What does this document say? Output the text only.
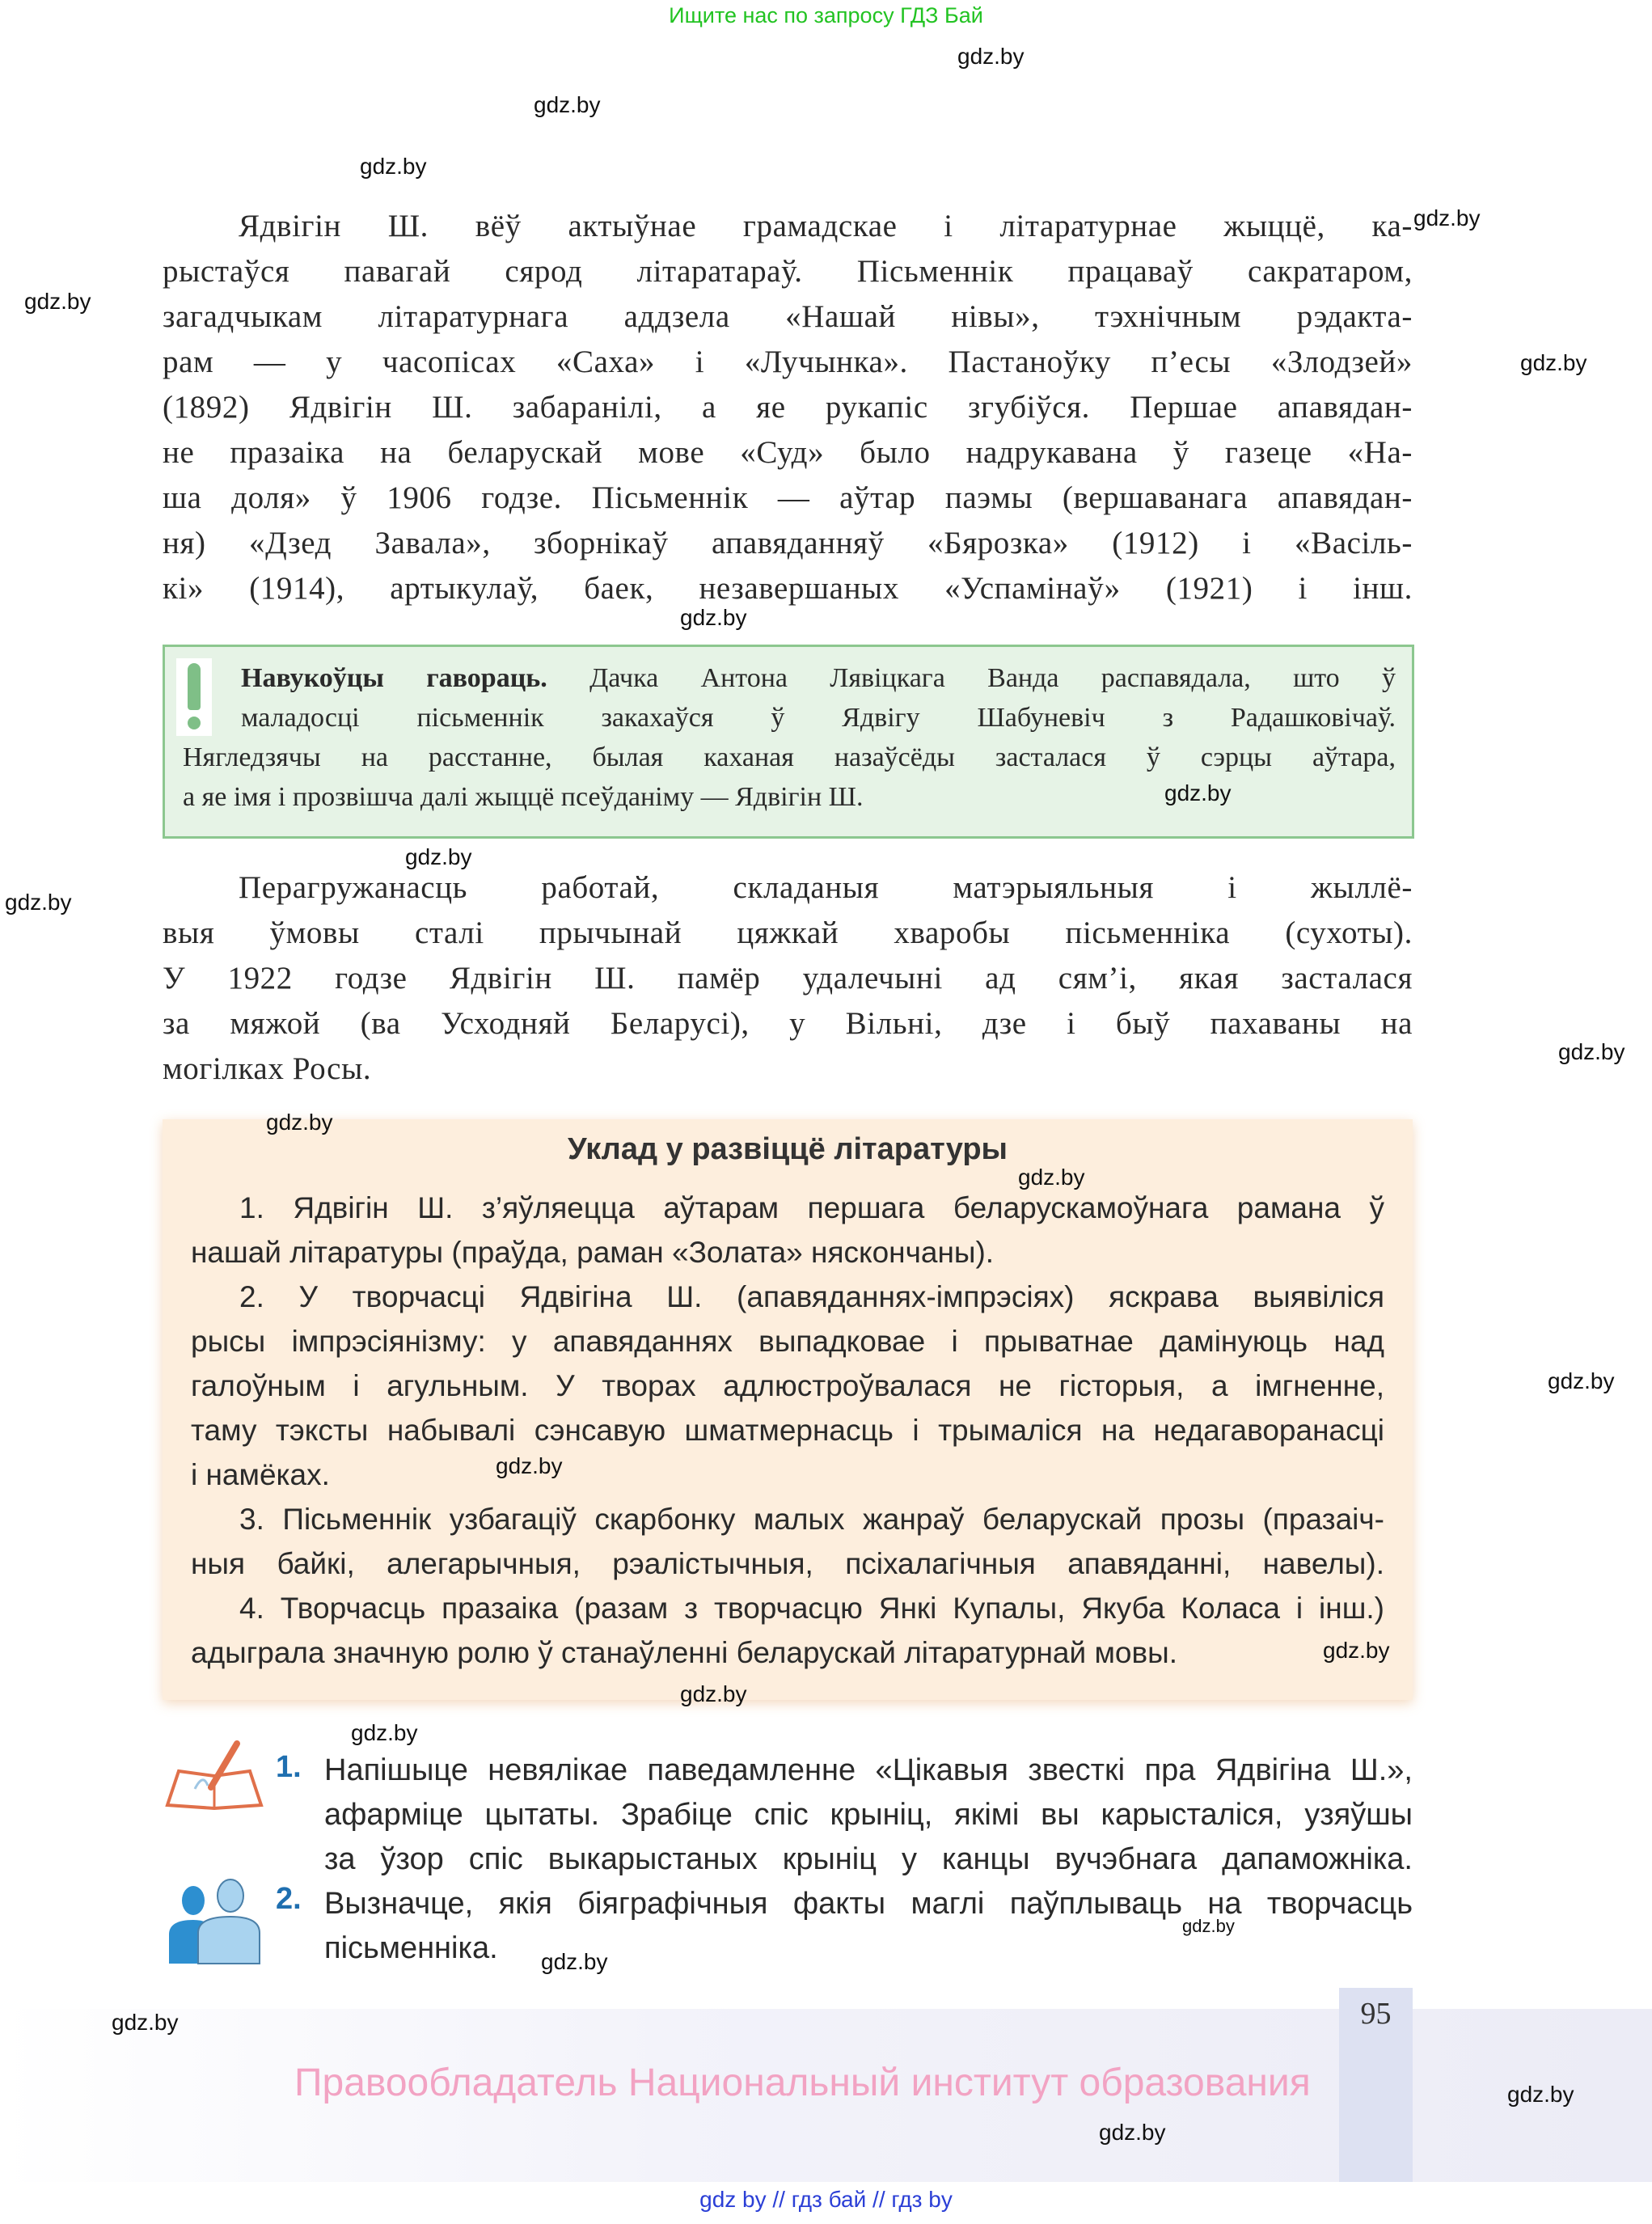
Ищите нас по запросу ГДЗ Бай
Ядвігін Ш. вёў актыўнае грамадскае і літаратурнае жыццё, ка-
рыстаўся павагай сярод літаратараў. Пісьменнік працаваў сакратаром,
загадчыкам літаратурнага аддзела «Нашай нівы», тэхнічным рэдакта-
рам — у часопісах «Саха» і «Лучынка». Пастаноўку п’есы «Злодзей»
(1892) Ядвігін Ш. забаранілі, а яе рукапіс згубіўся. Першае апавядан-
не празаіка на беларускай мове «Суд» было надрукавана ў газеце «На-
ша доля» ў 1906 годзе. Пісьменнік — аўтар паэмы (вершаванага апавядан-
ня) «Дзед Завала», зборнікаў апавяданняў «Бярозка» (1912) і «Васіль-
кі» (1914), артыкулаў, баек, незавершаных «Успамінаў» (1921) і інш.
Навукоўцы гавораць. Дачка Антона Лявіцкага Ванда распавядала, што ў
маладосці пісьменнік закахаўся ў Ядвігу Шабуневіч з Радашковічаў.
Нягледзячы на расстанне, былая каханая назаўсёды засталася ў сэрцы аўтара,
а яе імя і прозвішча далі жыццё псеўданіму — Ядвігін Ш.
Перагружанасць работай, складаныя матэрыяльныя і жыллё-
выя ўмовы сталі прычынай цяжкай хваробы пісьменніка (сухоты).
У 1922 годзе Ядвігін Ш. памёр удалечыні ад сям’і, якая засталася
за мяжой (ва Усходняй Беларусі), у Вільні, дзе і быў пахаваны на
могілках Росы.
Уклад у развіццё літаратуры
1. Ядвігін Ш. з’яўляецца аўтарам першага беларускамоўнага рамана ў
нашай літаратуры (праўда, раман «Золата» няскончаны).
2. У творчасці Ядвігіна Ш. (апавяданнях-імпрэсіях) яскрава выявіліся
рысы імпрэсіянізму: у апавяданнях выпадковае і прыватнае дамінуюць над
галоўным і агульным. У творах адлюстроўвалася не гісторыя, а імгненне,
таму тэксты набывалі сэнсавую шматмернасць і трымаліся на недагаворанасці
і намёках.
3. Пісьменнік узбагаціў скарбонку малых жанраў беларускай прозы (празаіч-
ныя байкі, алегарычныя, рэалістычныя, псіхалагічныя апавяданні, навелы).
4. Творчасць празаіка (разам з творчасцю Янкі Купалы, Якуба Коласа і інш.)
адыграла значную ролю ў станаўленні беларускай літаратурнай мовы.
1.
2.
Напішыце невялікае паведамленне «Цікавыя звесткі пра Ядвігіна Ш.»,
афарміце цытаты. Зрабіце спіс крыніц, якімі вы карысталіся, узяўшы
за ўзор спіс выкарыстаных крыніц у канцы вучэбнага дапаможніка.
Вызначце, якія біяграфічныя факты маглі паўплываць на творчасць
пісьменніка.
95
Правообладатель Национальный институт образования
gdz by // гдз бай // гдз by
gdz.by
gdz.by
gdz.by
gdz.by
gdz.by
gdz.by
gdz.by
gdz.by
gdz.by
gdz.by
gdz.by
gdz.by
gdz.by
gdz.by
gdz.by
gdz.by
gdz.by
gdz.by
gdz.by
gdz.by
gdz.by
gdz.by
gdz.by
